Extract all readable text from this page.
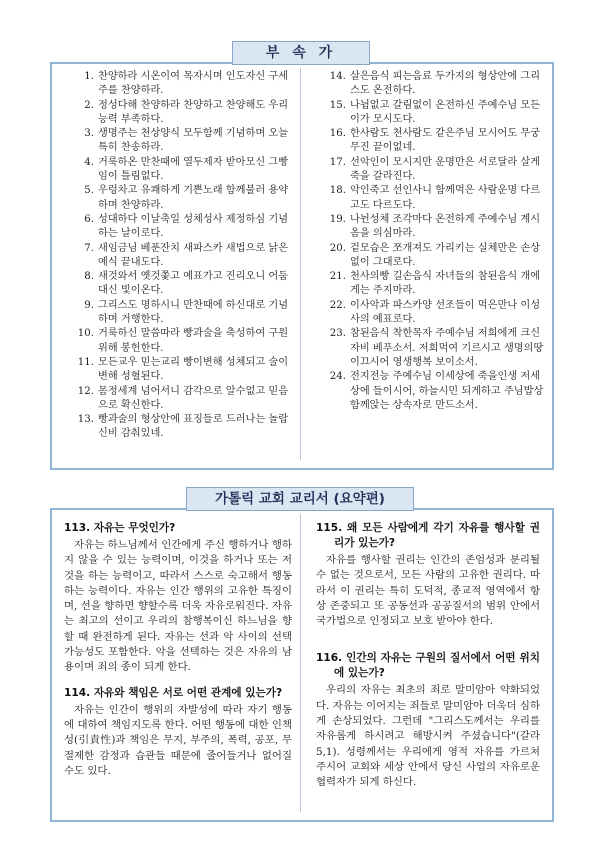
부 속 가
1. 찬양하라 시온이여 목자시며 인도자신 구세주를 찬양하라.
2. 정성다해 찬양하라 찬양하고 찬양해도 우리능력 부족하다.
3. 생명주는 천상양식 모두함께 기념하며 오늘특히 찬송하라.
4. 거룩하온 만찬때에 열두제자 받아모신 그빵임이 틀림없다.
5. 우렁차고 유쾌하게 기쁜노래 함께불러 용약하며 찬양하라.
6. 성대하다 이날축일 성체성사 제정하심 기념하는 날이로다.
7. 새임금님 베푼잔치 새파스카 새법으로 낡은예식 끝내도다.
8. 새것와서 옛것쫓고 예표가고 진리오니 어둠대신 빛이온다.
9. 그리스도 명하시니 만찬때에 하신대로 기념하며 거행한다.
10. 거룩하신 말씀따라 빵과술을 축성하여 구원위해 봉헌한다.
11. 모든교우 믿는교리 빵이변해 성체되고 술이변해 성혈된다.
12. 몸정세계 넘어서니 감각으로 알수없고 믿음으로 확신한다.
13. 빵과술의 형상안에 표징들로 드러나는 놀랍신비 감춰있네.
14. 살은음식 피는음료 두가지의 형상안에 그리스도 온전하다.
15. 나뉨없고 갈림없이 온전하신 주예수님 모든이가 모시도다.
16. 한사람도 천사람도 같은주님 모시어도 무궁무진 끝이없네.
17. 선악인이 모시지만 운명만은 서로달라 살게죽을 갈라진다.
18. 악인죽고 선인사니 함께먹은 사람운명 다르고도 다르도다.
19. 나뉜성체 조각마다 온전하게 주예수님 계시옴을 의심마라.
20. 겉모습은 쪼개져도 가리키는 실체만은 손상없이 그대로다.
21. 천사의빵 길손음식 자녀들의 참된음식 개에게는 주지마라.
22. 이사악과 파스카양 선조들이 먹은만나 이성사의 예표로다.
23. 참된음식 착한목자 주예수님 저희에게 크신자비 베푸소서. 저희먹여 기르시고 생명의땅 이끄시어 영생행복 보이소서.
24. 전지전능 주예수님 이세상에 죽을인생 저세상에 들이시어, 하늘시민 되게하고 주님밥상 함께앉는 상속자로 만드소서.
가톨릭 교회 교리서 (요약편)
113. 자유는 무엇인가?
자유는 하느님께서 인간에게 주신 행하거나 행하지 않을 수 있는 능력이며, 이것을 하거나 또는 저것을 하는 능력이고, 따라서 스스로 숙고해서 행동하는 능력이다. 자유는 인간 행위의 고유한 특징이며, 선을 향하면 향할수록 더욱 자유로워진다. 자유는 최고의 선이고 우리의 참행복이신 하느님을 향할 때 완전하게 된다. 자유는 선과 악 사이의 선택 가능성도 포함한다. 악을 선택하는 것은 자유의 남용이며 죄의 종이 되게 한다.
114. 자유와 책임은 서로 어떤 관계에 있는가?
자유는 인간이 행위의 자발성에 따라 자기 행동에 대하여 책임지도록 한다. 어떤 행동에 대한 인책성(引責性)과 책임은 무지, 부주의, 폭력, 공포, 무절제한 감정과 습관들 때문에 줄어들거나 없어질 수도 있다.
115. 왜 모든 사람에게 각기 자유를 행사할 권리가 있는가?
자유를 행사할 권리는 인간의 존엄성과 분리될 수 없는 것으로서, 모든 사람의 고유한 권리다. 따라서 이 권리는 특히 도덕적, 종교적 영역에서 항상 존중되고 또 공동선과 공공질서의 범위 안에서 국가법으로 인정되고 보호 받아야 한다.
116. 인간의 자유는 구원의 질서에서 어떤 위치에 있는가?
우리의 자유는 최초의 죄로 말미암아 약화되었다. 자유는 이어지는 죄들로 말미암아 더욱더 심하게 손상되었다. 그런데 "그리스도께서는 우리를 자유롭게 하시려고 해방시켜 주셨습니다"(갈라 5,1). 성령께서는 우리에게 영적 자유를 가르쳐 주시어 교회와 세상 안에서 당신 사업의 자유로운 협력자가 되게 하신다.
